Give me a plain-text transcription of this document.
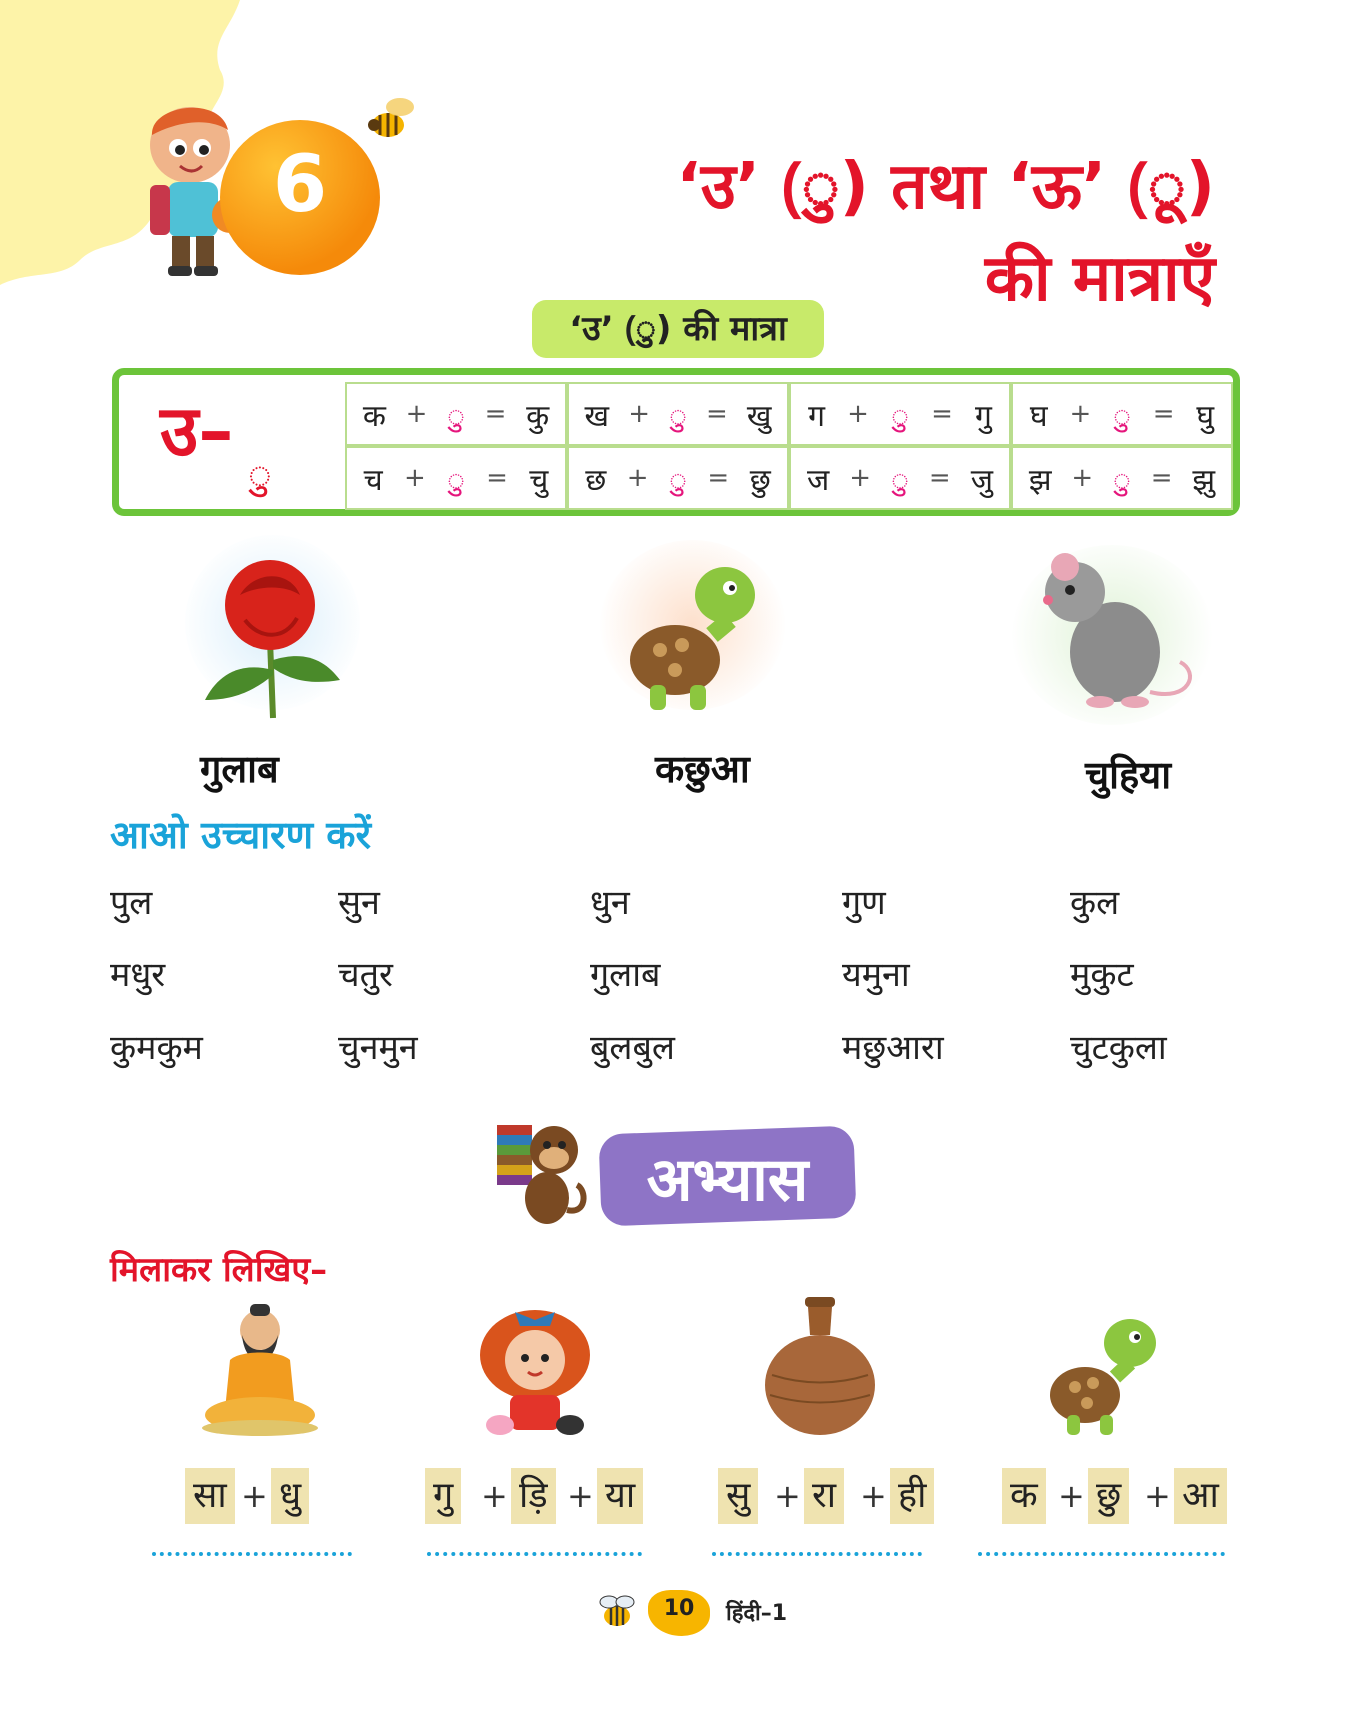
6	‘उ’ (ु) तथा ‘ऊ’ (ू)
की मात्राएँ
‘उ’ (ु) की मात्रा
उ–
ु
क + ु = कु ख + ु = खु ग + ु = गु घ + ु = घु
च + ु = चु छ + ु = छु ज + ु = जु झ + ु = झु
गुलाब	कछुआ	चुहिया
आओ उच्चारण करें
पुल	सुन	धुन	गुण	कुल
मधुर	चतुर	गुलाब	यमुना	मुकुट
कुमकुम	चुनमुन	बुलबुल	मछुआरा	चुटकुला
अभ्यास
मिलाकर लिखिए–
सा + धु	गु + ड़ि + या	सु + रा + ही क + छु + आ
10	हिंदी–1
